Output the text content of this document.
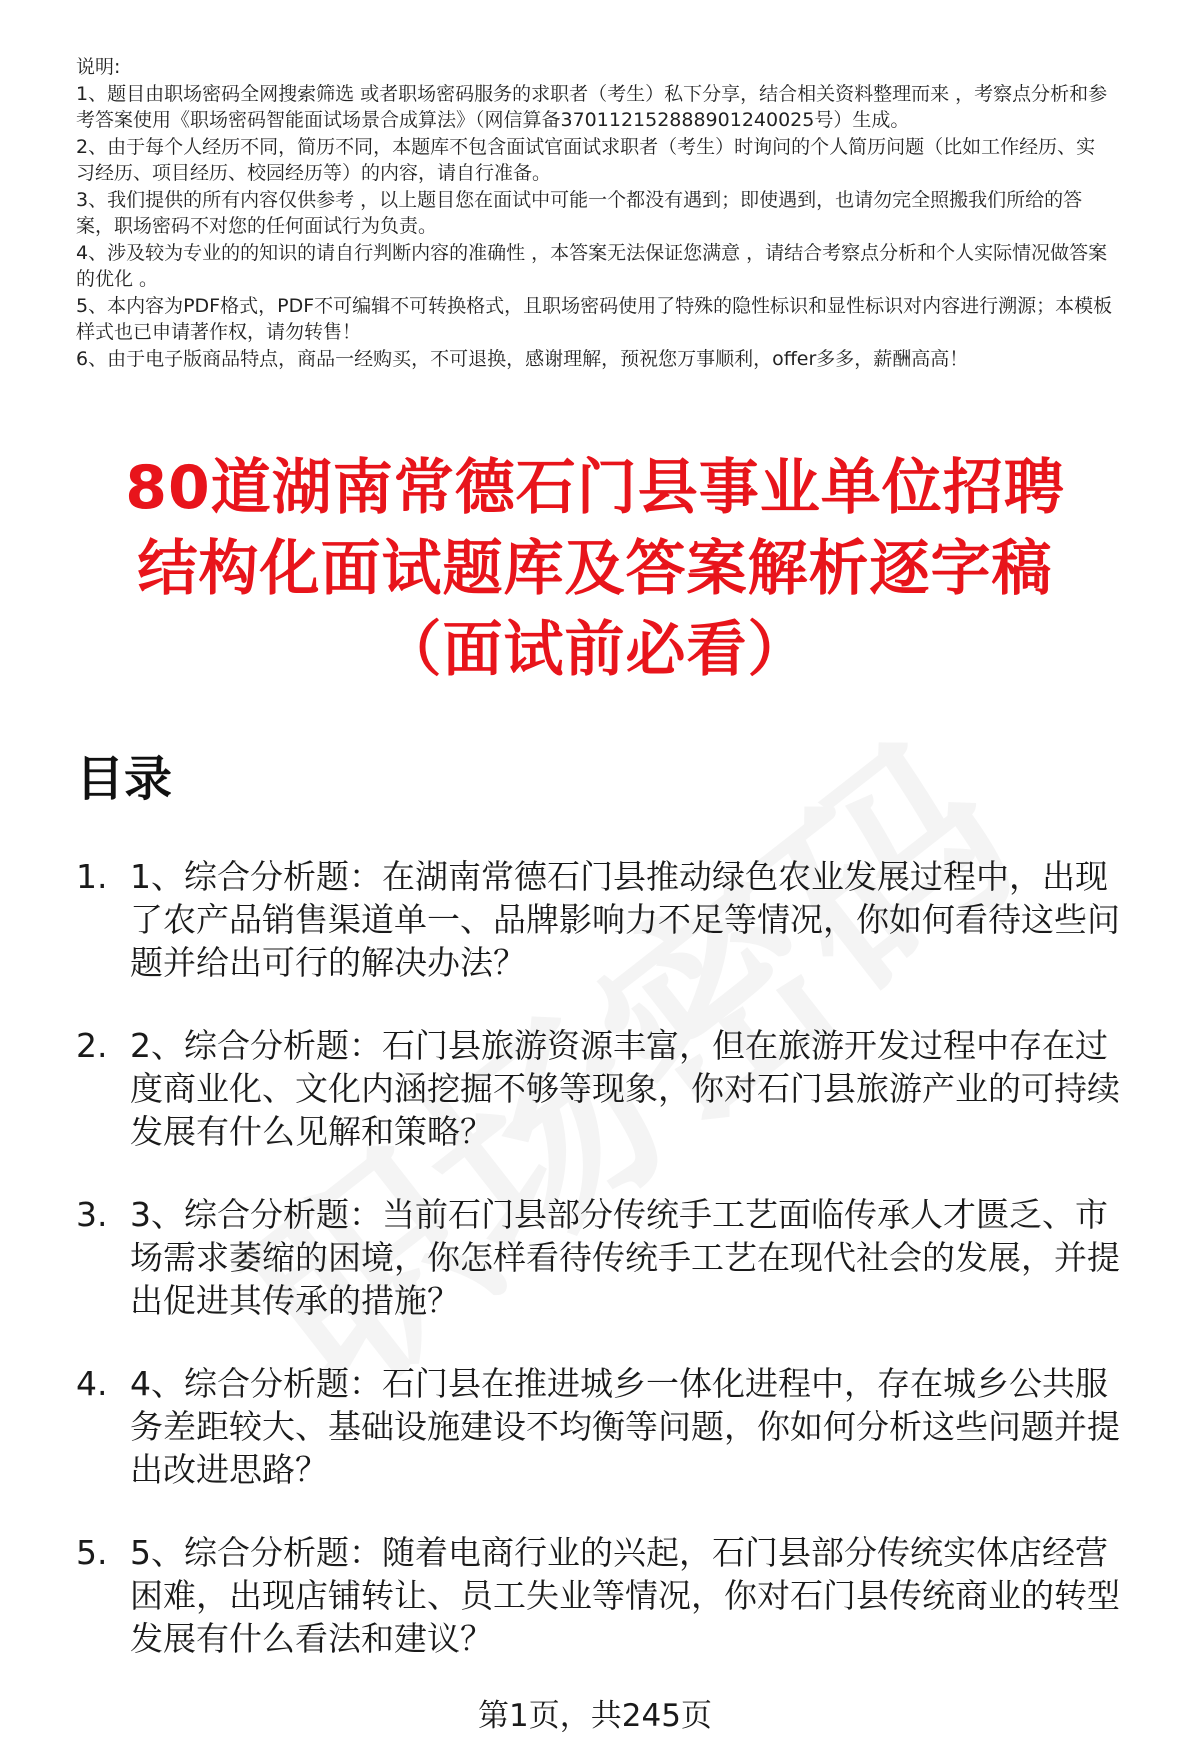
说明:
1、题目由职场密码全网搜索筛选 或者职场密码服务的求职者（考生）私下分享，结合相关资料整理而来 ，考察点分析和参考答案使用《职场密码智能面试场景合成算法》（网信算备370112152888901240025号）生成。
2、由于每个人经历不同，简历不同，本题库不包含面试官面试求职者（考生）时询问的个人简历问题（比如工作经历、实习经历、项目经历、校园经历等）的内容，请自行准备。
3、我们提供的所有内容仅供参考 ，以上题目您在面试中可能一个都没有遇到；即使遇到，也请勿完全照搬我们所给的答案，职场密码不对您的任何面试行为负责。
4、涉及较为专业的的知识的请自行判断内容的准确性 ，本答案无法保证您满意 ，请结合考察点分析和个人实际情况做答案的优化 。
5、本内容为PDF格式，PDF不可编辑不可转换格式，且职场密码使用了特殊的隐性标识和显性标识对内容进行溯源；本模板样式也已申请著作权，请勿转售！
6、由于电子版商品特点，商品一经购买，不可退换，感谢理解，预祝您万事顺利，offer多多，薪酬高高！
80道湖南常德石门县事业单位招聘
结构化面试题库及答案解析逐字稿
（面试前必看）
目录
1. 1、综合分析题：在湖南常德石门县推动绿色农业发展过程中，出现了农产品销售渠道单一、品牌影响力不足等情况，你如何看待这些问题并给出可行的解决办法？
2. 2、综合分析题：石门县旅游资源丰富，但在旅游开发过程中存在过度商业化、文化内涵挖掘不够等现象，你对石门县旅游产业的可持续发展有什么见解和策略？
3. 3、综合分析题：当前石门县部分传统手工艺面临传承人才匮乏、市场需求萎缩的困境，你怎样看待传统手工艺在现代社会的发展，并提出促进其传承的措施？
4. 4、综合分析题：石门县在推进城乡一体化进程中，存在城乡公共服务差距较大、基础设施建设不均衡等问题，你如何分析这些问题并提出改进思路？
5. 5、综合分析题：随着电商行业的兴起，石门县部分传统实体店经营困难，出现店铺转让、员工失业等情况，你对石门县传统商业的转型发展有什么看法和建议？
第1页，共245页
